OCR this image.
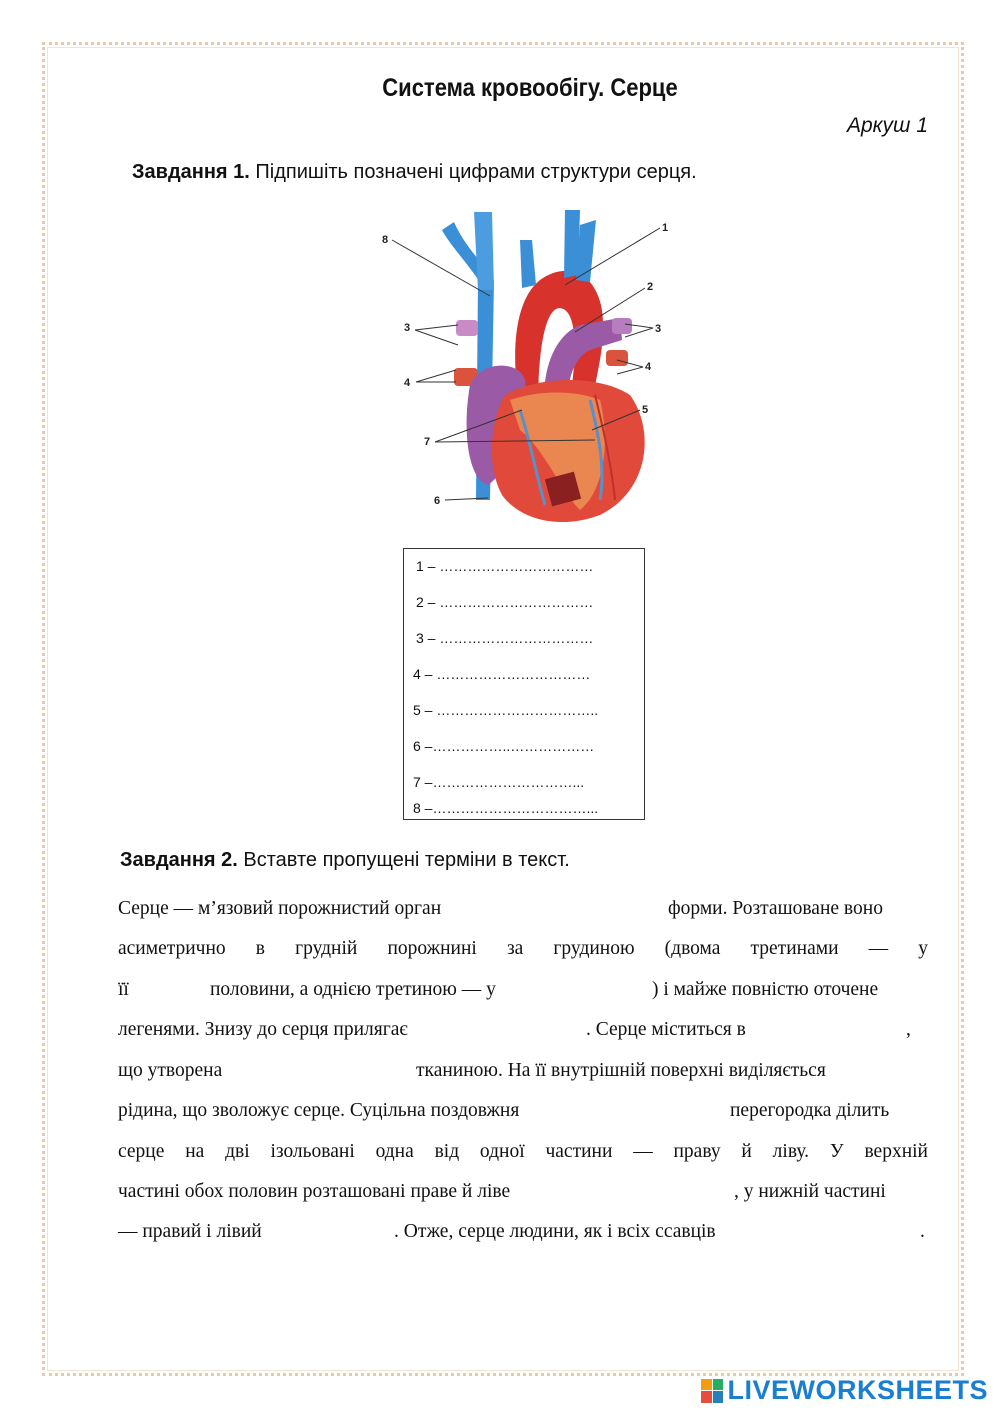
Система кровообігу. Серце
Аркуш 1
Завдання 1. Підпишіть позначені цифрами структури серця.
8
1
2
3	3
4
4
5
6
7
1 – ……………………………
2 – ……………………………
3 – ……………………………
4 – ……………………………
5 – ……………………………..
6 –……………..………………
7 –…………………………...
8 –……………………………...
Завдання 2. Вставте пропущені терміни в текст.
Серце — м’язовий порожнистий орган	форми. Розташоване воно
асиметрично в грудній порожнині за грудиною (двома третинами — у
її	половини, а однією третиною — у	) і майже повністю оточене
легенями. Знизу до серця прилягає	. Серце міститься в	,
що утворена	тканиною. На її внутрішній поверхні виділяється
рідина, що зволожує серце. Суцільна поздовжня	перегородка ділить
серце на дві ізольовані одна від одної частини — праву й ліву. У верхній
частині обох половин розташовані праве й ліве	, у нижній частині
— правий і лівий	. Отже, серце людини, як і всіх ссавців	.
LIVEWORKSHEETS
